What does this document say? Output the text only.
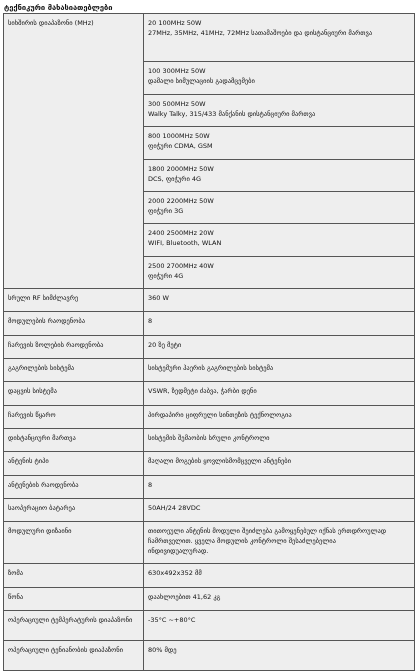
ტექნიკური მახასიათებლები
სიხშირის დიაპაზონი (MHz)	20 100MHz 50W
27MHz, 35MHz, 41MHz, 72MHz სათამაშოები და დისტანციური მართვა

	100 300MHz 50W
დამალი სიმულაციის გადამცემები

	300 500MHz 50W
Walky Talky, 315/433 მანქანის დისტანციური მართვა

	800 1000MHz 50W
ფიჭური CDMA, GSM

	1800 2000MHz 50W
DCS, ფიჭური 4G

	2000 2200MHz 50W
ფიჭური 3G

	2400 2500MHz 20W
WIFI, Bluetooth, WLAN

	2500 2700MHz 40W
ფიჭური 4G

სრული RF სიმძლავრე	360 W

მოდულების რაოდენობა	8

ჩარევის ზოლების რაოდენობა	20 ზე მეტი

გაგრილების სისტემა	სისტემური ჰაერის გაგრილების სისტემა

დაცვის სისტემა	VSWR, ზედმეტი ძაბვა, ჭარბი დენი

ჩარევის წყარო	პირდაპირი ციფრული სინთეზის ტექნოლოგია

დისტანციური მართვა	სისტემის შემაობის სრული კონტროლი

ანტენის ტიპი	მაღალი მოგების ყოვლისმომცველი ანტენები

ანტენების რაოდენობა	8

საოპერაციო ბატარეა	50AH/24 28VDC

მოდულური დიზაინი	თითოეული ანტენის მოდული შეიძლება გამოყენებულ იქნას ერთდროულად
ჩამრთველით. ყველა მოდულის კონტროლი შესაძლებელია
ინდივიდუალურად.

ზომა	630x492x352 მმ

წონა	დაახლოებით 41,62 კგ

ოპერაციული ტემპერატურის დიაპაზონი	-35°C ~+80°C

ოპერაციული ტენიანობის დიაპაზონი	80% მდე
